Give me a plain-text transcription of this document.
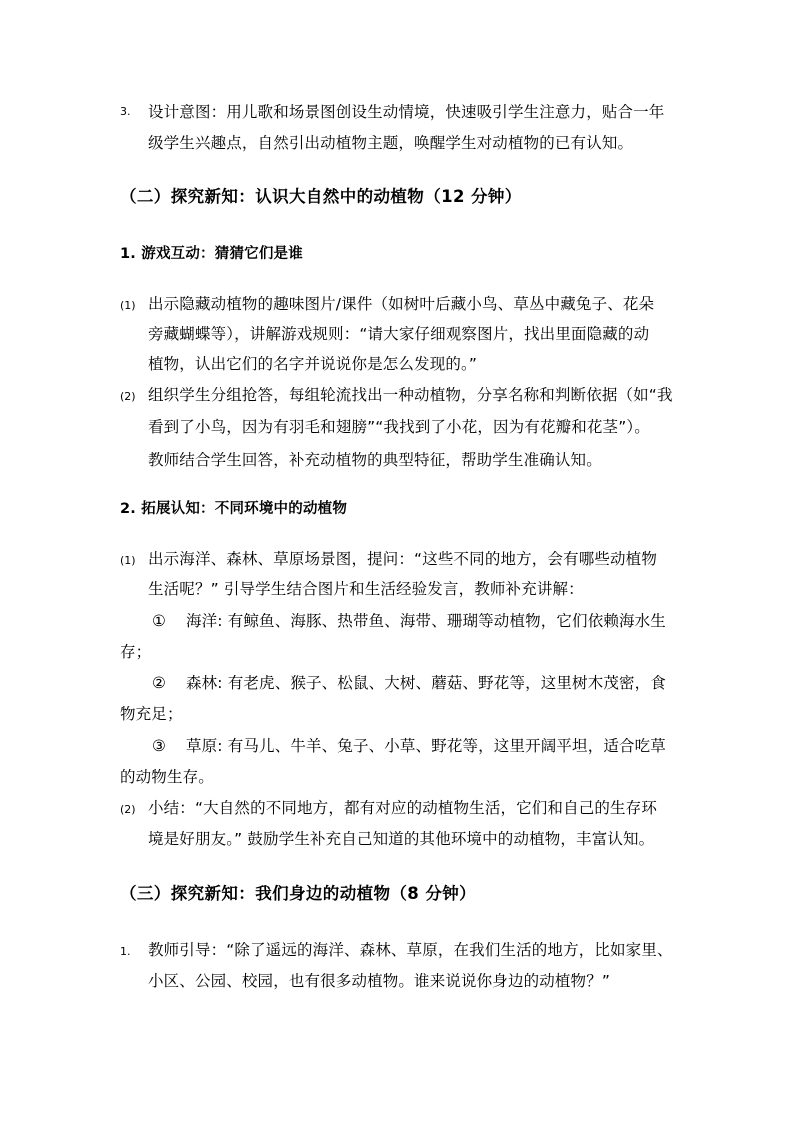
3. 设计意图：用儿歌和场景图创设生动情境，快速吸引学生注意力，贴合一年
级学生兴趣点，自然引出动植物主题，唤醒学生对动植物的已有认知。
（二）探究新知：认识大自然中的动植物（12 分钟）
1. 游戏互动：猜猜它们是谁
(1) 出示隐藏动植物的趣味图片/课件（如树叶后藏小鸟、草丛中藏兔子、花朵
旁藏蝴蝶等），讲解游戏规则：“请大家仔细观察图片，找出里面隐藏的动
植物，认出它们的名字并说说你是怎么发现的。”
(2) 组织学生分组抢答，每组轮流找出一种动植物，分享名称和判断依据（如“我
看到了小鸟，因为有羽毛和翅膀”“我找到了小花，因为有花瓣和花茎”）。
教师结合学生回答，补充动植物的典型特征，帮助学生准确认知。
2. 拓展认知：不同环境中的动植物
(1) 出示海洋、森林、草原场景图，提问：“这些不同的地方，会有哪些动植物
生活呢？” 引导学生结合图片和生活经验发言，教师补充讲解：
① 海洋: 有鲸鱼、海豚、热带鱼、海带、珊瑚等动植物，它们依赖海水生
存；
② 森林: 有老虎、猴子、松鼠、大树、蘑菇、野花等，这里树木茂密，食
物充足；
③ 草原: 有马儿、牛羊、兔子、小草、野花等，这里开阔平坦，适合吃草
的动物生存。
(2) 小结：“大自然的不同地方，都有对应的动植物生活，它们和自己的生存环
境是好朋友。” 鼓励学生补充自己知道的其他环境中的动植物，丰富认知。
（三）探究新知：我们身边的动植物（8 分钟）
1. 教师引导：“除了遥远的海洋、森林、草原，在我们生活的地方，比如家里、
小区、公园、校园，也有很多动植物。谁来说说你身边的动植物？”
